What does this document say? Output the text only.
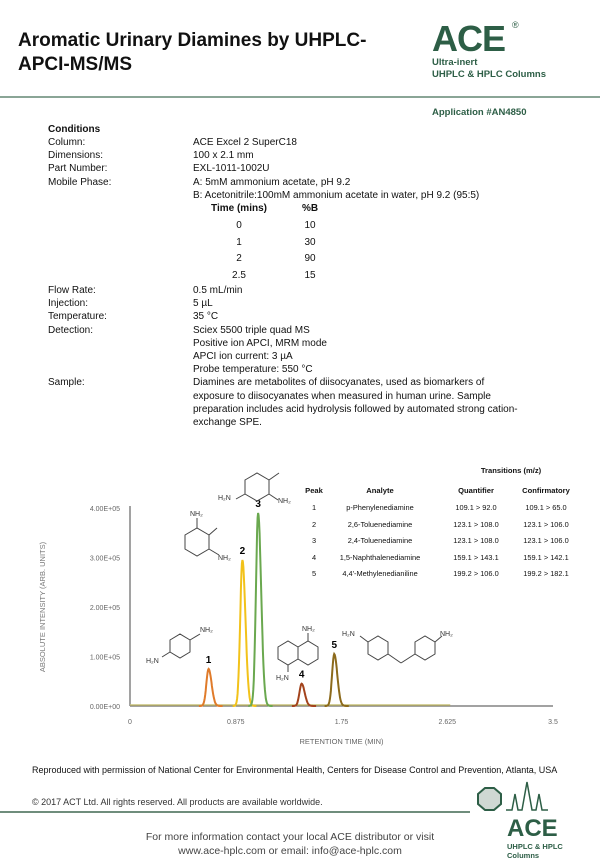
Aromatic Urinary Diamines by UHPLC-
APCI-MS/MS
ACE ®
Ultra-inert
UHPLC & HPLC Columns
Application #AN4850
Conditions
Column:	ACE Excel 2 SuperC18
Dimensions:	100 x 2.1 mm
Part Number:	EXL-1011-1002U
Mobile Phase:	A: 5mM ammonium acetate, pH 9.2
B: Acetonitrile:100mM ammonium acetate in water, pH 9.2 (95:5)
Time (mins)	%B
0	10
1	30
2	90
2.5	15
Flow Rate:	0.5 mL/min
Injection:	5 µL
Temperature:	35 °C
Detection:	Sciex 5500 triple quad MS
Positive ion APCI, MRM mode
APCI ion current: 3 µA
Probe temperature: 550 °C
Sample:	Diamines are metabolites of diisocyanates, used as biomarkers of
exposure to diisocyanates when measured in human urine. Sample
preparation includes acid hydrolysis followed by automated strong cation-
exchange SPE.
Transitions (m/z)
Peak	Analyte	Quantifier	Confirmatory
1	p-Phenylenediamine	109.1 > 92.0	109.1 > 65.0
2	2,6-Toluenediamine	123.1 > 108.0	123.1 > 106.0
3	2,4-Toluenediamine	123.1 > 108.0	123.1 > 106.0
4	1,5-Naphthalenediamine	159.1 > 143.1	159.1 > 142.1
5	4,4'-Methylenedianiline	199.2 > 106.0	199.2 > 182.1
0.00E+00
1.00E+05
2.00E+05
3.00E+05
4.00E+05
0	0.875	1.75	2.625	3.5
RETENTION TIME (MIN)
ABSOLUTE INTENSITY (ARB. UNITS)	1
2
3
4
5
H₂N	NH₂
NH₂
NH₂
NH₂
H₂N
NH₂
H₂N
H₂N	NH₂
Reproduced with permission of National Center for Environmental Health, Centers for Disease Control and Prevention, Atlanta, USA
© 2017 ACT Ltd. All rights reserved. All products are available worldwide.
For more information contact your local ACE distributor or visit
www.ace-hplc.com or email: info@ace-hplc.com
ACE
UHPLC & HPLC
Columns
